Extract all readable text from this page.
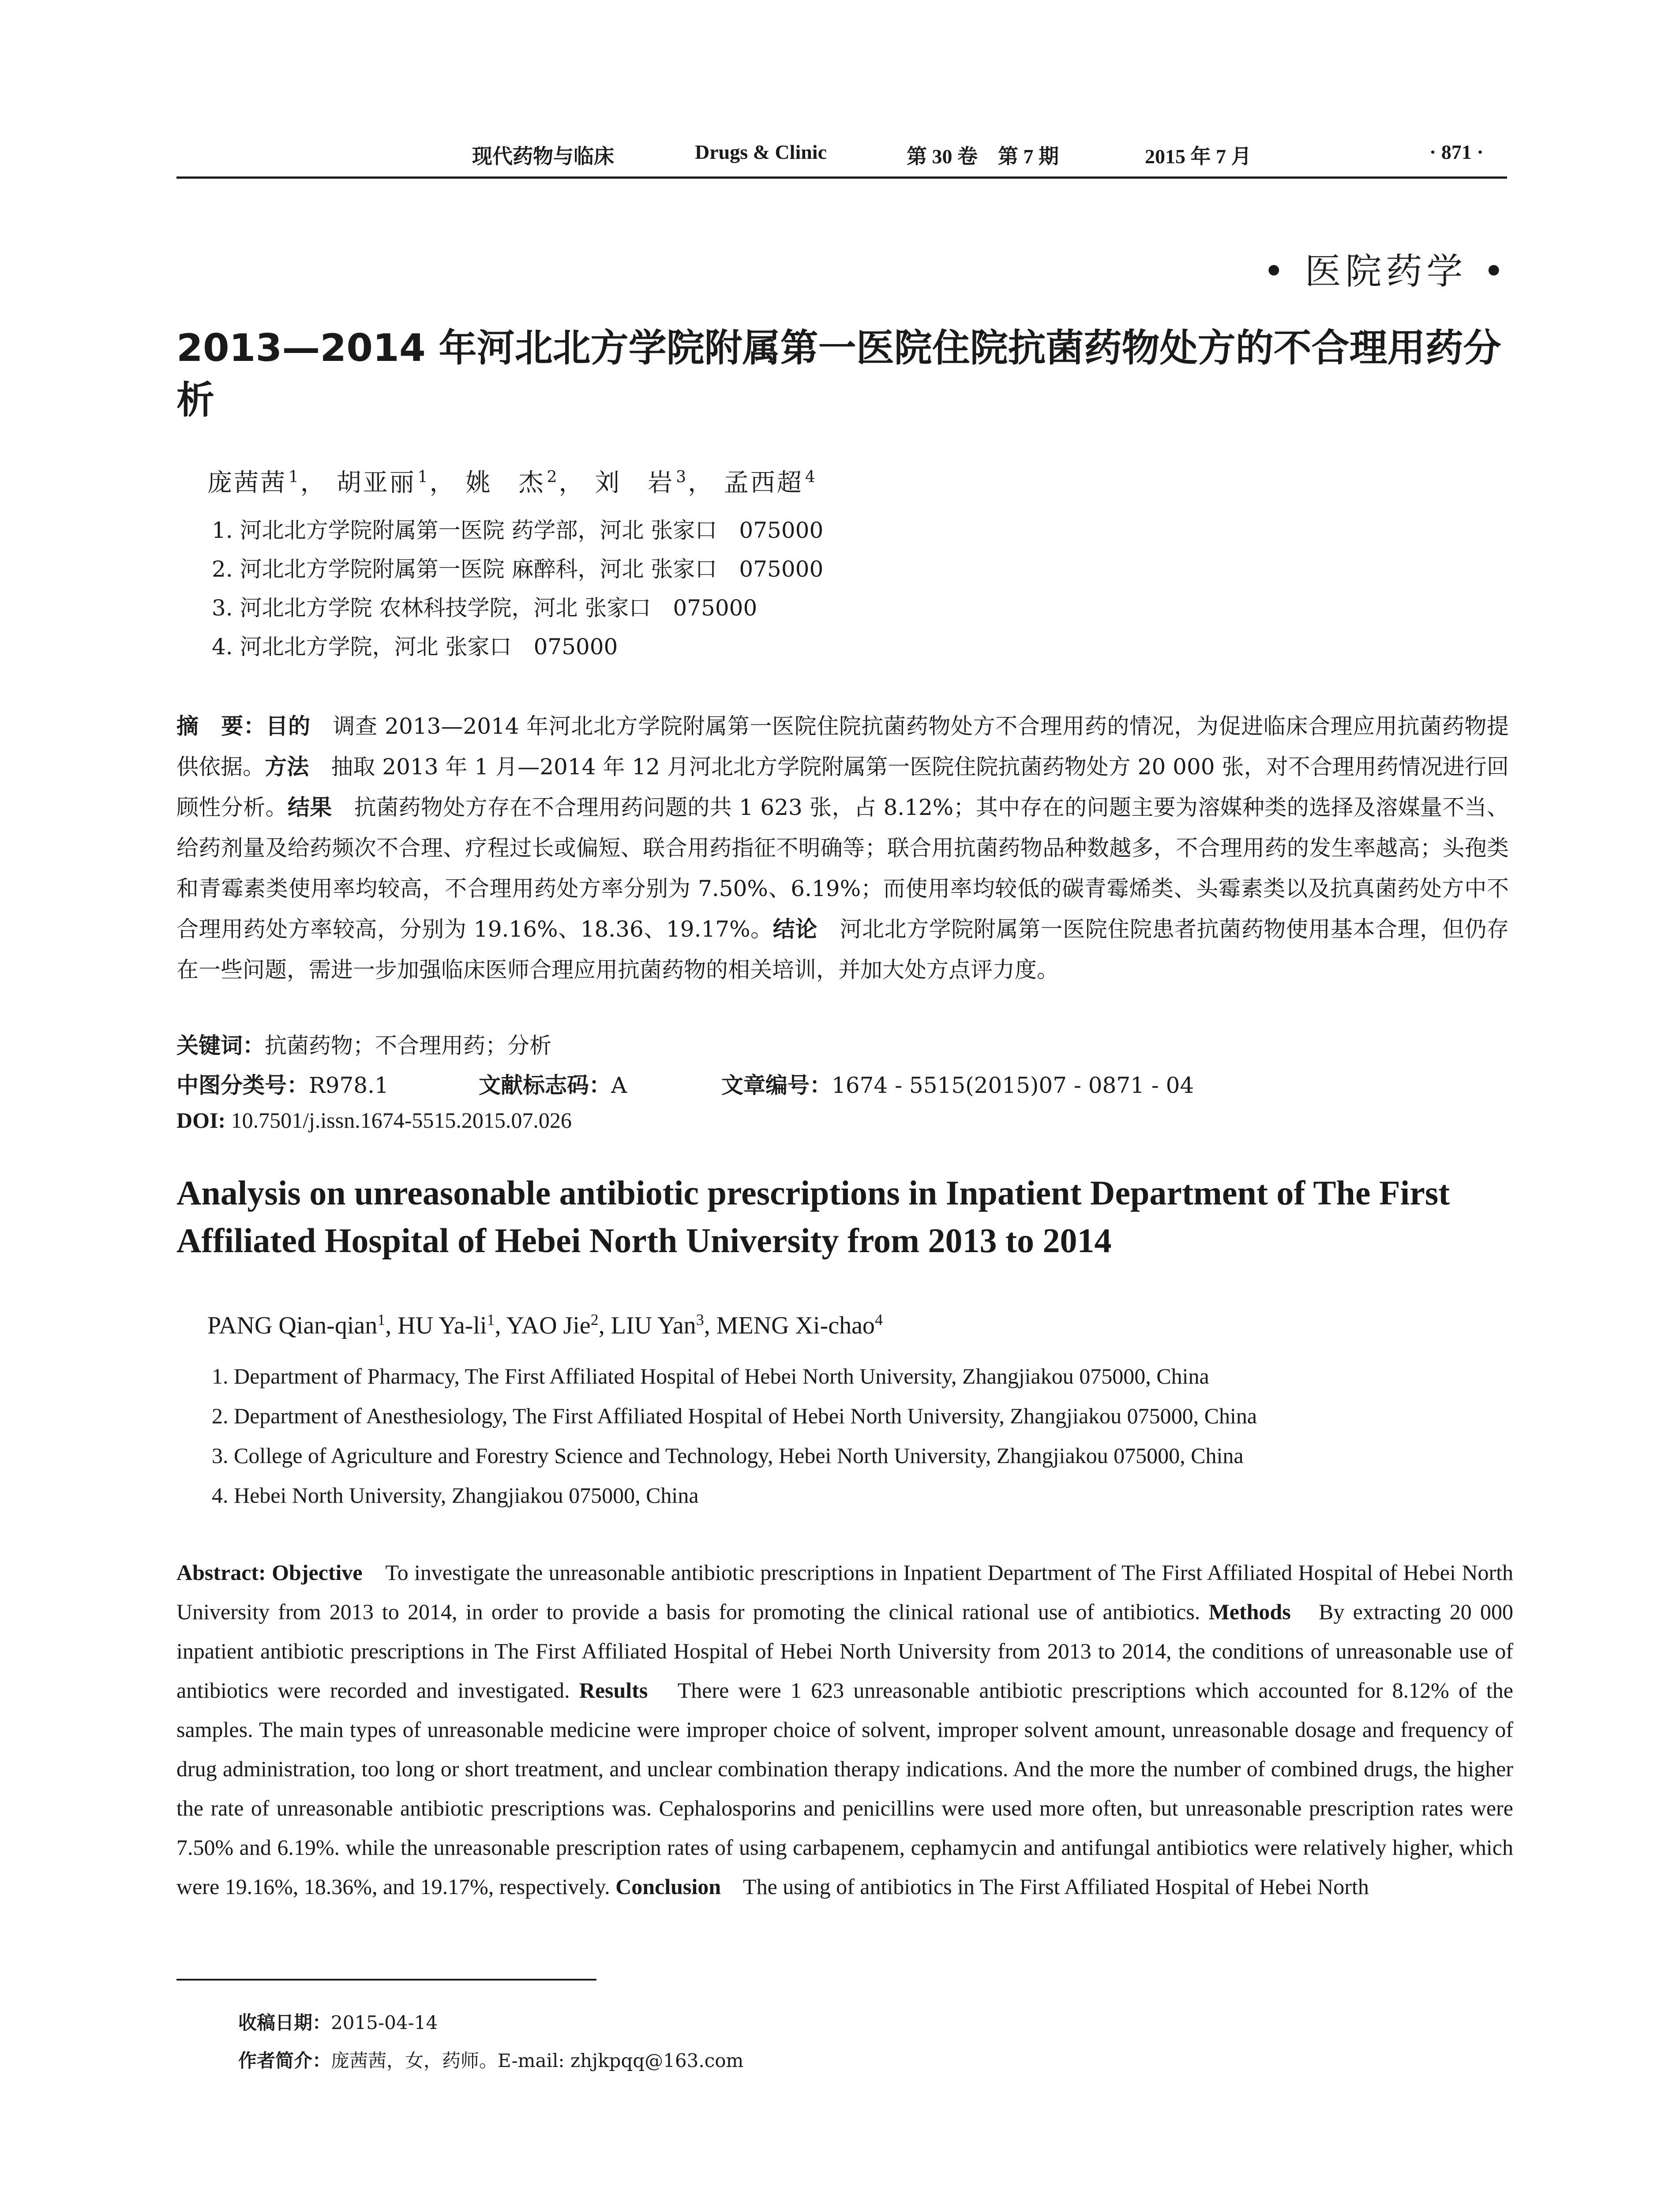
现代药物与临床	Drugs & Clinic	第 30 卷　第 7 期	2015 年 7 月	· 871 ·
• 医院药学 •
2013—2014 年河北北方学院附属第一医院住院抗菌药物处方的不合理用药分析
庞茜茜 $^1$， 胡亚丽 $^1$， 姚　杰 $^2$， 刘　岩 $^3$， 孟西超 $^4$
1. 河北北方学院附属第一医院 药学部，河北 张家口　075000
2. 河北北方学院附属第一医院 麻醉科，河北 张家口　075000
3. 河北北方学院 农林科技学院，河北 张家口　075000
4. 河北北方学院，河北 张家口　075000
摘　要：目的　调查 2013—2014 年河北北方学院附属第一医院住院抗菌药物处方不合理用药的情况，为促进临床合理应用抗菌药物提供依据。方法　抽取 2013 年 1 月—2014 年 12 月河北北方学院附属第一医院住院抗菌药物处方 20 000 张，对不合理用药情况进行回顾性分析。结果　抗菌药物处方存在不合理用药问题的共 1 623 张，占 8.12%；其中存在的问题主要为溶媒种类的选择及溶媒量不当、给药剂量及给药频次不合理、疗程过长或偏短、联合用药指征不明确等；联合用抗菌药物品种数越多，不合理用药的发生率越高；头孢类和青霉素类使用率均较高，不合理用药处方率分别为 7.50%、6.19%；而使用率均较低的碳青霉烯类、头霉素类以及抗真菌药处方中不合理用药处方率较高，分别为 19.16%、18.36、19.17%。结论　河北北方学院附属第一医院住院患者抗菌药物使用基本合理，但仍存在一些问题，需进一步加强临床医师合理应用抗菌药物的相关培训，并加大处方点评力度。
关键词：抗菌药物；不合理用药；分析
中图分类号：R978.1	文献标志码：A	文章编号：1674 - 5515(2015)07 - 0871 - 04
DOI: 10.7501/j.issn.1674-5515.2015.07.026
Analysis on unreasonable antibiotic prescriptions in Inpatient Department of The First Affiliated Hospital of Hebei North University from 2013 to 2014
PANG Qian-qian$^1$, HU $Ya-li^1$, YAO Jie$^2$, LIU Yan$^3$, MENG Xi-chao$^4$
1. Department of Pharmacy, The First Affiliated Hospital of Hebei North University, Zhangjiakou 075000, China
2. Department of Anesthesiology, The First Affiliated Hospital of Hebei North University, Zhangjiakou 075000, China
3. College of Agriculture and Forestry Science and Technology, Hebei North University, Zhangjiakou 075000, China
4. Hebei North University, Zhangjiakou 075000, China
Abstract: Objective　To investigate the unreasonable antibiotic prescriptions in Inpatient Department of The First Affiliated Hospital of Hebei North University from 2013 to 2014, in order to provide a basis for promoting the clinical rational use of antibiotics. Methods　By extracting 20 000 inpatient antibiotic prescriptions in The First Affiliated Hospital of Hebei North University from 2013 to 2014, the conditions of unreasonable use of antibiotics were recorded and investigated. Results　There were 1 623 unreasonable antibiotic prescriptions which accounted for 8.12% of the samples. The main types of unreasonable medicine were improper choice of solvent, improper solvent amount, unreasonable dosage and frequency of drug administration, too long or short treatment, and unclear combination therapy indications. And the more the number of combined drugs, the higher the rate of unreasonable antibiotic prescriptions was. Cephalosporins and penicillins were used more often, but unreasonable prescription rates were 7.50% and 6.19%. while the unreasonable prescription rates of using carbapenem, cephamycin and antifungal antibiotics were relatively higher, which were 19.16%, 18.36%, and 19.17%, respectively. Conclusion　The using of antibiotics in The First Affiliated Hospital of Hebei North
收稿日期：2015-04-14
作者简介：庞茜茜，女，药师。E-mail: zhjkpqq@163.com
